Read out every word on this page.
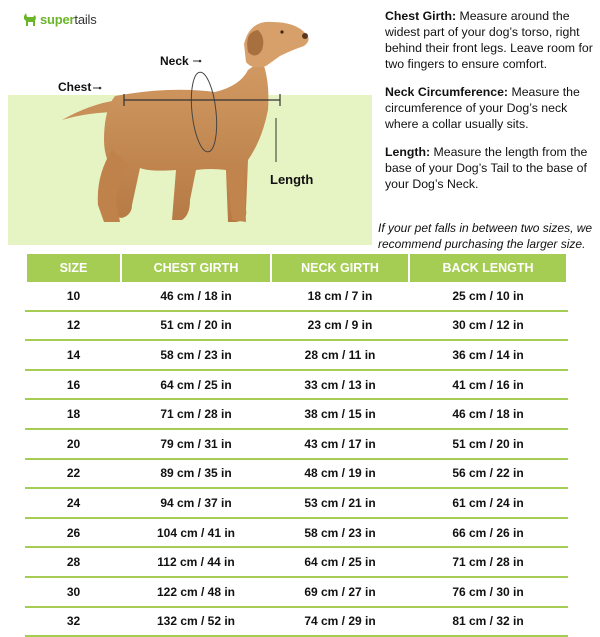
supertails
Neck
Chest
Length
Chest Girth: Measure around the widest part of your dog’s torso, right behind their front legs. Leave room for two fingers to ensure comfort.
Neck Circumference: Measure the circumference of your Dog’s neck where a collar usually sits.
Length: Measure the length from the base of your Dog’s Tail to the base of your Dog’s Neck.
If your pet falls in between two sizes, we recommend purchasing the larger size.
SIZE	CHEST GIRTH	NECK GIRTH	BACK LENGTH
10	46 cm / 18 in	18 cm / 7 in	25 cm / 10 in
12	51 cm / 20 in	23 cm / 9 in	30 cm / 12 in
14	58 cm / 23 in	28 cm / 11 in	36 cm / 14 in
16	64 cm / 25 in	33 cm / 13 in	41 cm / 16 in
18	71 cm / 28 in	38 cm / 15 in	46 cm / 18 in
20	79 cm / 31 in	43 cm / 17 in	51 cm / 20 in
22	89 cm / 35 in	48 cm / 19 in	56 cm / 22 in
24	94 cm / 37 in	53 cm / 21 in	61 cm / 24 in
26	104 cm / 41 in	58 cm / 23 in	66 cm / 26 in
28	112 cm / 44 in	64 cm / 25 in	71 cm / 28 in
30	122 cm / 48 in	69 cm / 27 in	76 cm / 30 in
32	132 cm / 52 in	74 cm / 29 in	81 cm / 32 in
